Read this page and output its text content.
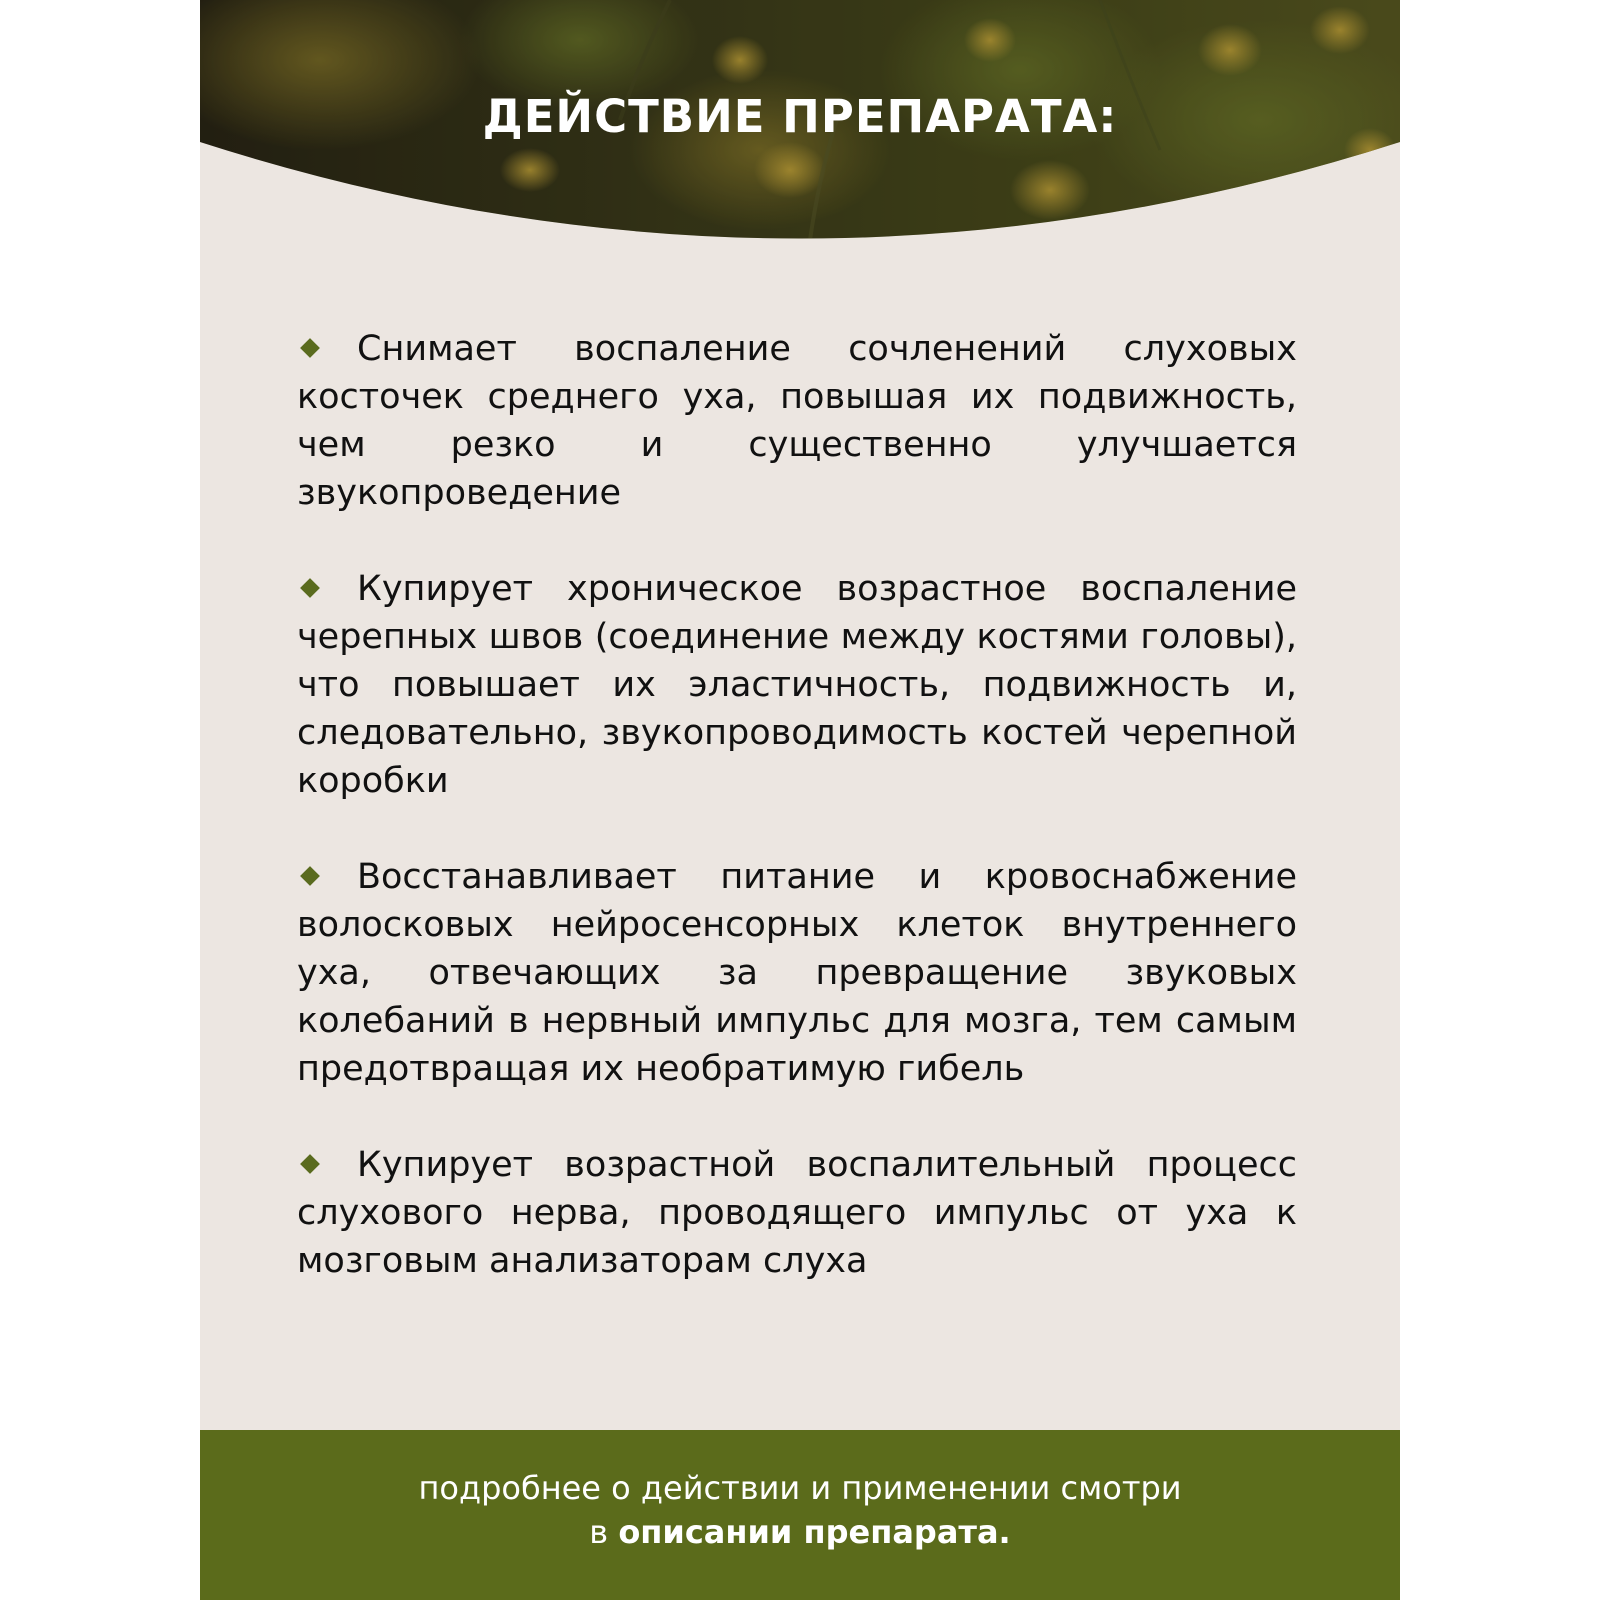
ДЕЙСТВИЕ ПРЕПАРАТА:

Снимает воспаление сочленений слуховых косточек среднего уха, повышая их подвижность, чем резко и существенно улучшается звукопроведение

Купирует хроническое возрастное воспаление черепных швов (соединение между костями головы), что повышает их эластичность, подвижность и, следовательно, звукопроводимость костей черепной коробки

Восстанавливает питание и кровоснабжение волосковых нейросенсорных клеток внутреннего уха, отвечающих за превращение звуковых колебаний в нервный импульс для мозга, тем самым предотвращая их необратимую гибель

Купирует возрастной воспалительный процесс слухового нерва, проводящего импульс от уха к мозговым анализаторам слуха

подробнее о действии и применении смотри
в описании препарата.
